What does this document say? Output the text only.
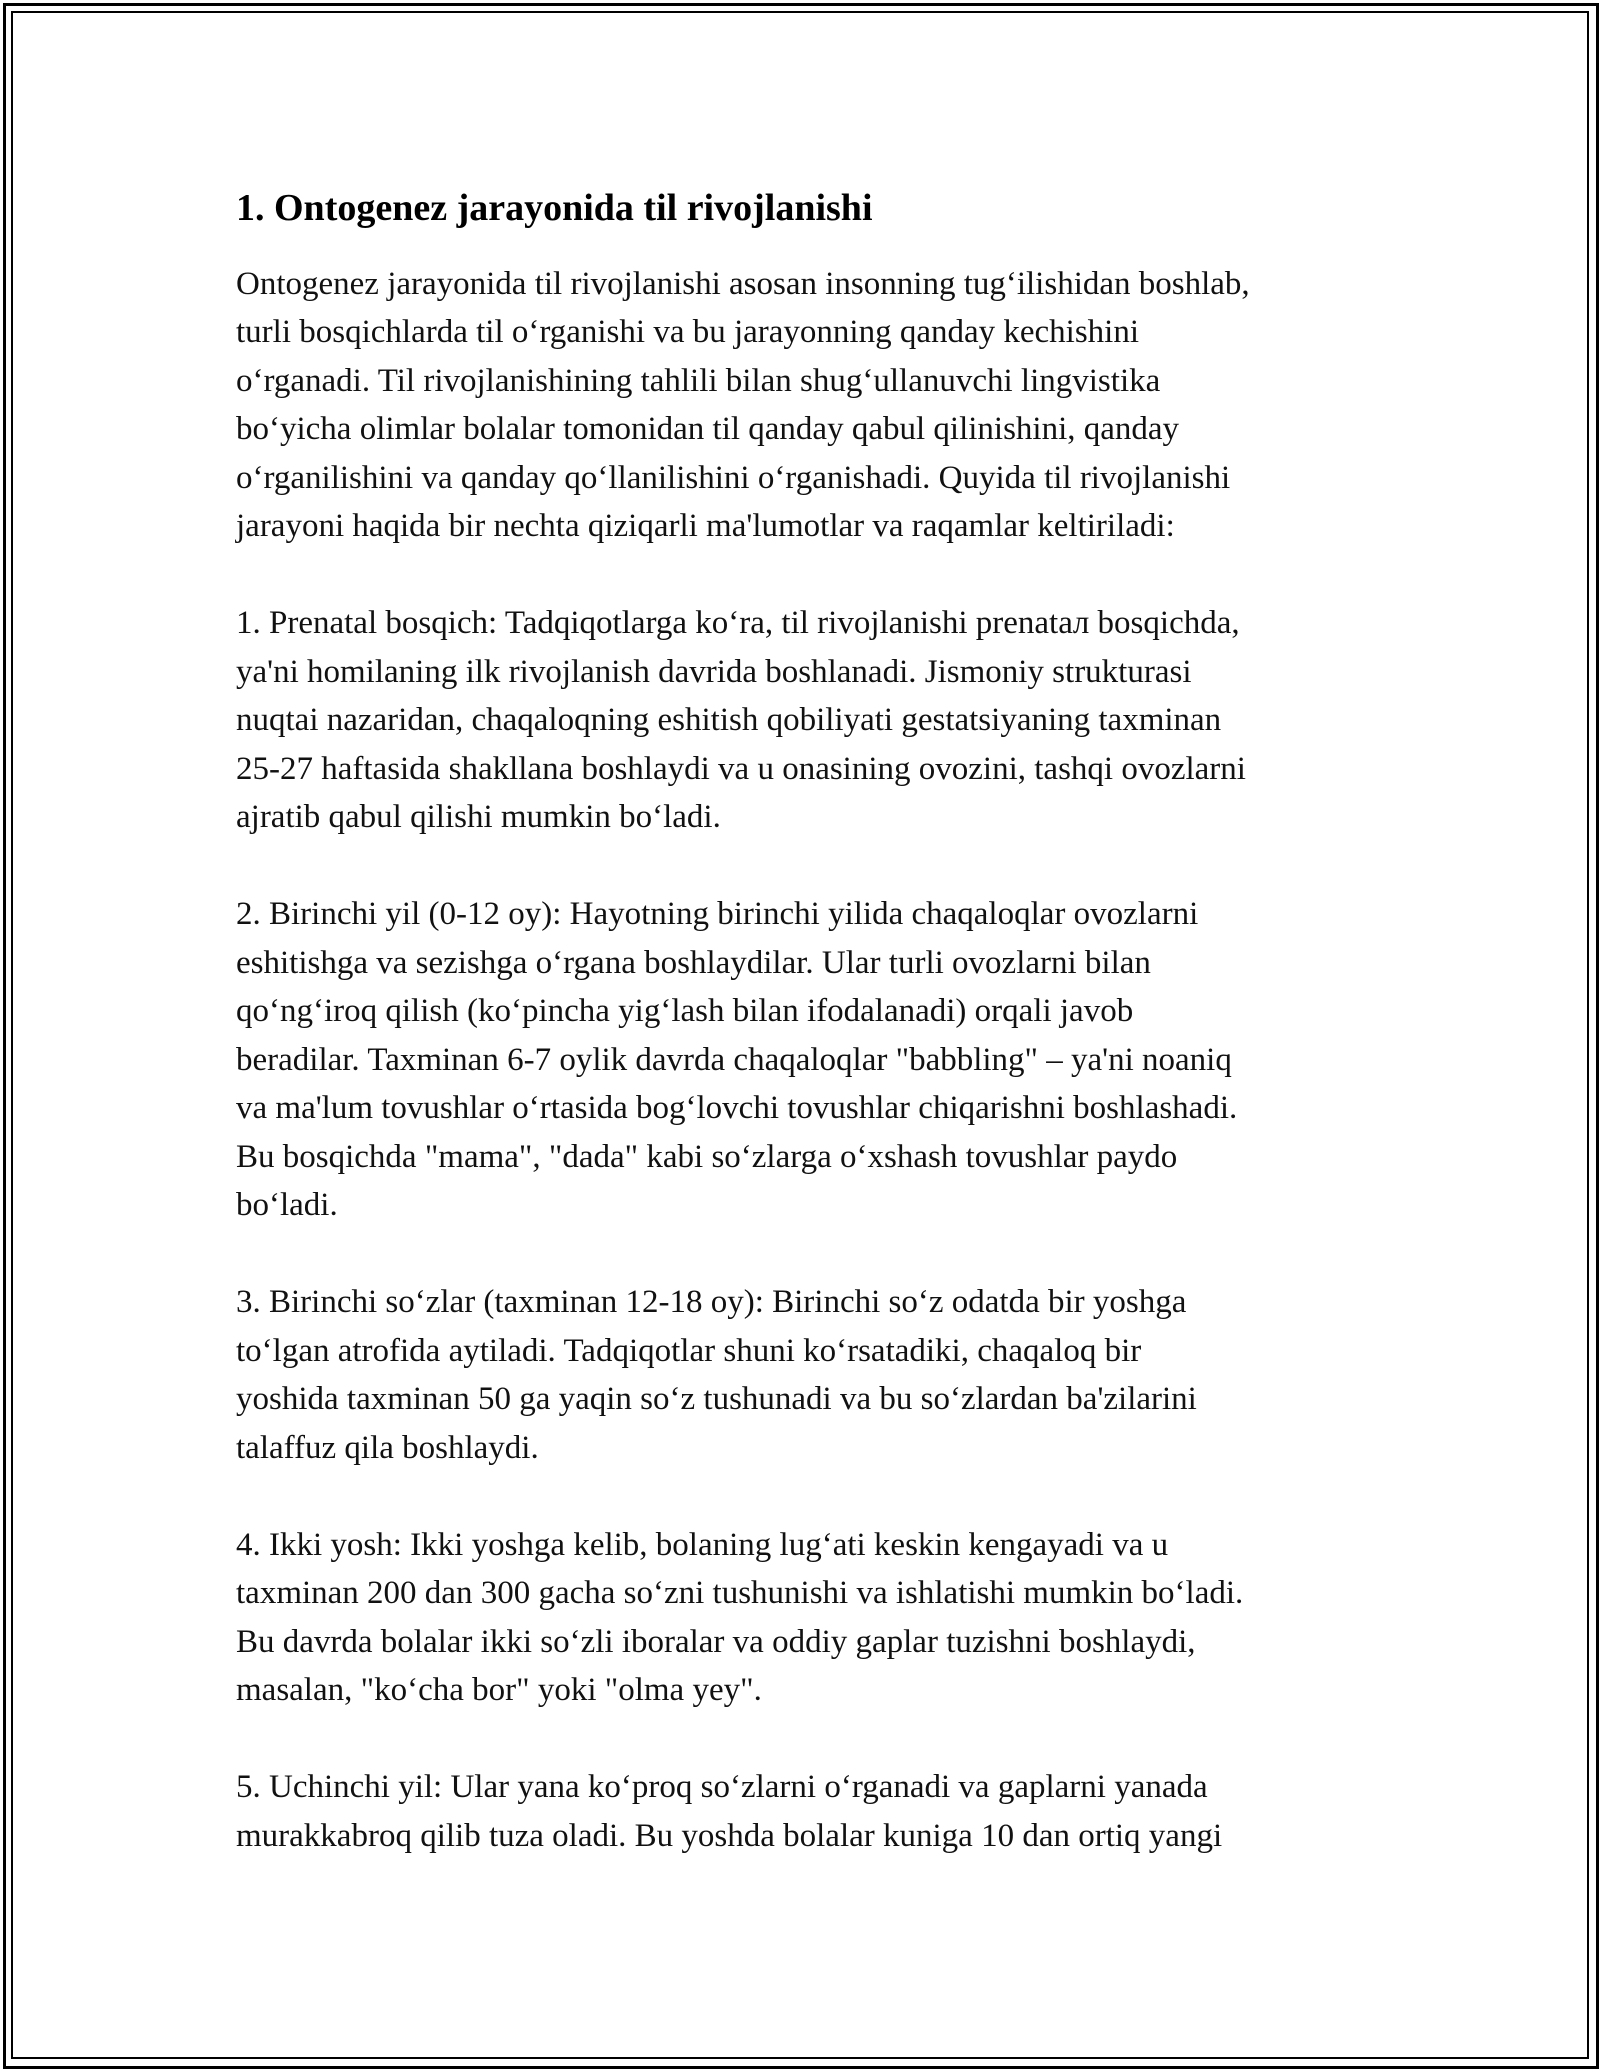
1. Ontogenez jarayonida til rivojlanishi

Ontogenez jarayonida til rivojlanishi asosan insonning tug‘ilishidan boshlab,
turli bosqichlarda til o‘rganishi va bu jarayonning qanday kechishini
o‘rganadi. Til rivojlanishining tahlili bilan shug‘ullanuvchi lingvistika
bo‘yicha olimlar bolalar tomonidan til qanday qabul qilinishini, qanday
o‘rganilishini va qanday qo‘llanilishini o‘rganishadi. Quyida til rivojlanishi
jarayoni haqida bir nechta qiziqarli ma'lumotlar va raqamlar keltiriladi:

1. Prenatal bosqich: Tadqiqotlarga ko‘ra, til rivojlanishi prenataл bosqichda,
ya'ni homilaning ilk rivojlanish davrida boshlanadi. Jismoniy strukturasi
nuqtai nazaridan, chaqaloqning eshitish qobiliyati gestatsiyaning taxminan
25-27 haftasida shakllana boshlaydi va u onasining ovozini, tashqi ovozlarni
ajratib qabul qilishi mumkin bo‘ladi.

2. Birinchi yil (0-12 oy): Hayotning birinchi yilida chaqaloqlar ovozlarni
eshitishga va sezishga o‘rgana boshlaydilar. Ular turli ovozlarni bilan
qo‘ng‘iroq qilish (ko‘pincha yig‘lash bilan ifodalanadi) orqali javob
beradilar. Taxminan 6-7 oylik davrda chaqaloqlar "babbling" – ya'ni noaniq
va ma'lum tovushlar o‘rtasida bog‘lovchi tovushlar chiqarishni boshlashadi.
Bu bosqichda "mama", "dada" kabi so‘zlarga o‘xshash tovushlar paydo
bo‘ladi.

3. Birinchi so‘zlar (taxminan 12-18 oy): Birinchi so‘z odatda bir yoshga
to‘lgan atrofida aytiladi. Tadqiqotlar shuni ko‘rsatadiki, chaqaloq bir
yoshida taxminan 50 ga yaqin so‘z tushunadi va bu so‘zlardan ba'zilarini
talaffuz qila boshlaydi.

4. Ikki yosh: Ikki yoshga kelib, bolaning lug‘ati keskin kengayadi va u
taxminan 200 dan 300 gacha so‘zni tushunishi va ishlatishi mumkin bo‘ladi.
Bu davrda bolalar ikki so‘zli iboralar va oddiy gaplar tuzishni boshlaydi,
masalan, "ko‘cha bor" yoki "olma yey".

5. Uchinchi yil: Ular yana ko‘proq so‘zlarni o‘rganadi va gaplarni yanada
murakkabroq qilib tuza oladi. Bu yoshda bolalar kuniga 10 dan ortiq yangi
